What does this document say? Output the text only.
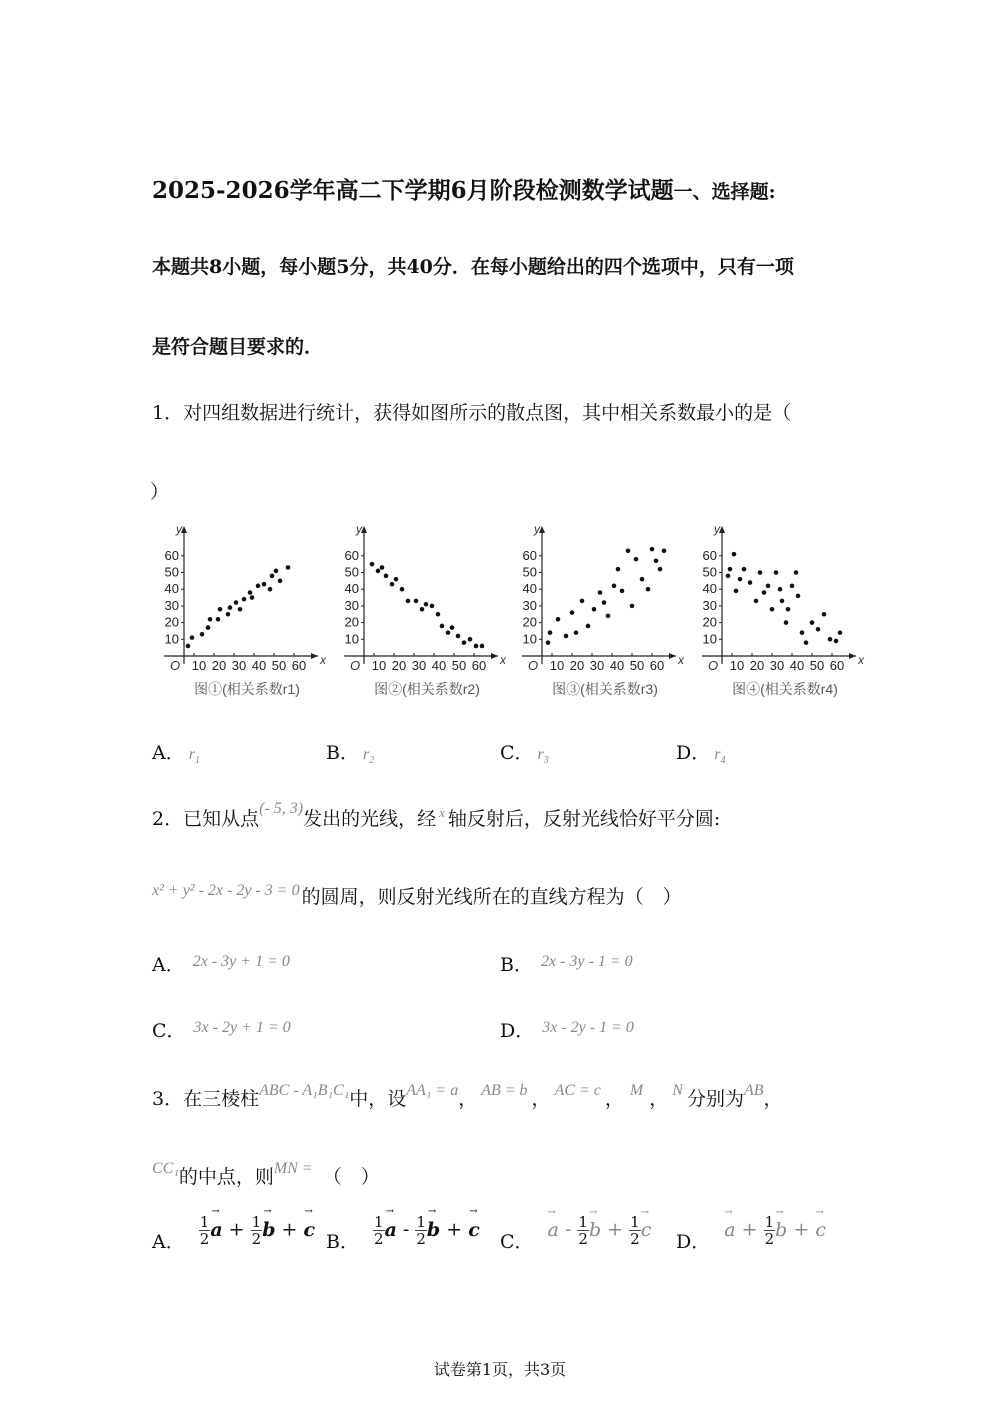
2025-2026学年高二下学期6月阶段检测数学试题一、选择题:
本题共8小题，每小题5分，共40分．在每小题给出的四个选项中，只有一项
是符合题目要求的．
1．对四组数据进行统计，获得如图所示的散点图，其中相关系数最小的是（
）
x
y
O
10
20
30
40
50
60
10 20 30 40 50 60
图①(相关系数r1)
x
y
O
10
20
30
40
50
60
10 20 30 40 50 60
图②(相关系数r2)
x
y
O
10
20
30
40
50
60
10 20 30 40 50 60
图③(相关系数r3)
x
y
O
10
20
30
40
50
60
10 20 30 40 50 60
图④(相关系数r4)
A． $r_1$	B． $r_2$	C． $r_3$	D． $r_4$
2．已知从点$^{(- 5, 3)}$发出的光线，经 $^x$ 轴反射后，反射光线恰好平分圆:
$^{x^2 + y^2 - 2x - 2y - 3 = 0}$ 的圆周，则反射光线所在的直线方程为（　）
A． $^{2x - 3y + 1 = 0}$	B． $^{2x - 3y - 1 = 0}$
C． $^{3x - 2y + 1 = 0}$	D． $^{3x - 2y - 1 = 0}$
3．在三棱柱$^{ABC - A_1B_1C_1}$中，设$^{AA_1 = a}$， $^{AB = b}$ ， $^{AC = c}$ ， $^M$ ， $^N$ 分别为$^{AB}$，
$^{CC_1}$的中点，则$^{MN =}$ （　）
A． $\frac{1}{2}$
→ $a + \frac{1}{2}$
→ b + → c
B． $\frac{1}{2}$
→ a - $\frac{1}{2}$
→ b + → c
C． → a - $\frac{1}{2}$
→ $b + \frac{1}{2}$
→ c
D． → $a + \frac{1}{2}$
→ b + → c
试卷第1页，共3页
